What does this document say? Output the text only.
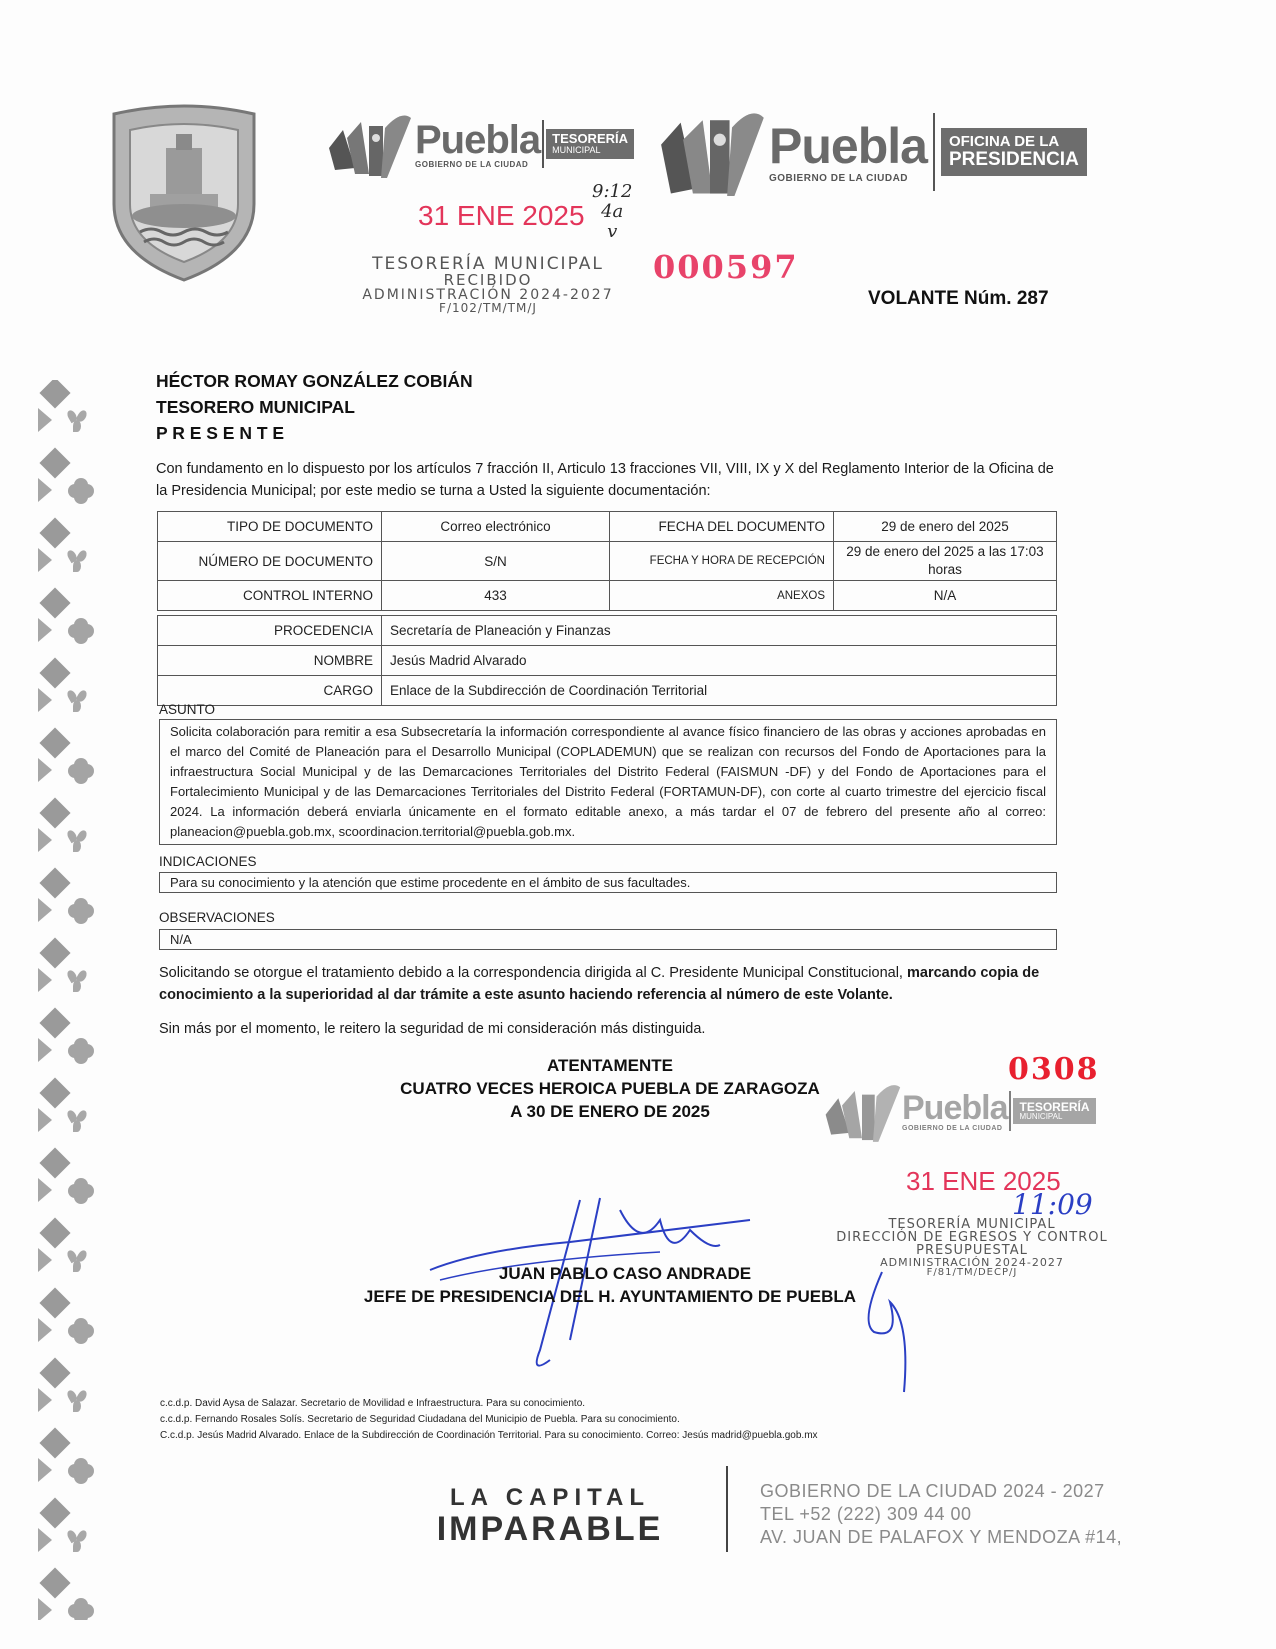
Puebla
GOBIERNO DE LA CIUDAD
TESORERÍA
MUNICIPAL	Puebla
GOBIERNO DE LA CIUDAD
OFICINA DE LA
PRESIDENCIA
31 ENE 2025
TESORERÍA MUNICIPAL
RECIBIDO
ADMINISTRACIÓN 2024-2027
F/102/TM/TM/J
9:12
4a
v
000597
VOLANTE Núm. 287
HÉCTOR ROMAY GONZÁLEZ COBIÁN
TESORERO MUNICIPAL
P R E S E N T E
Con fundamento en lo dispuesto por los artículos 7 fracción II, Articulo 13 fracciones VII, VIII, IX y X del Reglamento Interior de la Oficina de la Presidencia Municipal; por este medio se turna a Usted la siguiente documentación:
TIPO DE DOCUMENTO	Correo electrónico	FECHA DEL DOCUMENTO	29 de enero del 2025
NÚMERO DE DOCUMENTO	S/N	FECHA Y HORA DE RECEPCIÓN	29 de enero del 2025 a las 17:03 horas
CONTROL INTERNO	433	ANEXOS	N/A
PROCEDENCIA	Secretaría de Planeación y Finanzas
NOMBRE	Jesús Madrid Alvarado
CARGO	Enlace de la Subdirección de Coordinación Territorial
ASUNTO
Solicita colaboración para remitir a esa Subsecretaría la información correspondiente al avance físico financiero de las obras y acciones aprobadas en el marco del Comité de Planeación para el Desarrollo Municipal (COPLADEMUN) que se realizan con recursos del Fondo de Aportaciones para la infraestructura Social Municipal y de las Demarcaciones Territoriales del Distrito Federal (FAISMUN -DF) y del Fondo de Aportaciones para el Fortalecimiento Municipal y de las Demarcaciones Territoriales del Distrito Federal (FORTAMUN-DF), con corte al cuarto trimestre del ejercicio fiscal 2024. La información deberá enviarla únicamente en el formato editable anexo, a más tardar el 07 de febrero del presente año al correo: planeacion@puebla.gob.mx, scoordinacion.territorial@puebla.gob.mx.
INDICACIONES
Para su conocimiento y la atención que estime procedente en el ámbito de sus facultades.
OBSERVACIONES
N/A
Solicitando se otorgue el tratamiento debido a la correspondencia dirigida al C. Presidente Municipal Constitucional, marcando copia de conocimiento a la superioridad al dar trámite a este asunto haciendo referencia al número de este Volante.
Sin más por el momento, le reitero la seguridad de mi consideración más distinguida.
ATENTAMENTE
CUATRO VECES HEROICA PUEBLA DE ZARAGOZA
A 30 DE ENERO DE 2025
JUAN PABLO CASO ANDRADE
JEFE DE PRESIDENCIA DEL H. AYUNTAMIENTO DE PUEBLA
0308
Puebla
GOBIERNO DE LA CIUDAD
TESORERÍA
MUNICIPAL
31 ENE 2025
11:09
TESORERÍA MUNICIPAL
DIRECCIÓN DE EGRESOS Y CONTROL
PRESUPUESTAL
ADMINISTRACIÓN 2024-2027
F/81/TM/DECP/J
c.c.d.p. David Aysa de Salazar. Secretario de Movilidad e Infraestructura. Para su conocimiento.
c.c.d.p. Fernando Rosales Solís. Secretario de Seguridad Ciudadana del Municipio de Puebla. Para su conocimiento.
C.c.d.p. Jesús Madrid Alvarado. Enlace de la Subdirección de Coordinación Territorial. Para su conocimiento. Correo: Jesús madrid@puebla.gob.mx
LA CAPITAL
IMPARABLE
GOBIERNO DE LA CIUDAD 2024 - 2027
TEL +52 (222) 309 44 00
AV. JUAN DE PALAFOX Y MENDOZA #14,
